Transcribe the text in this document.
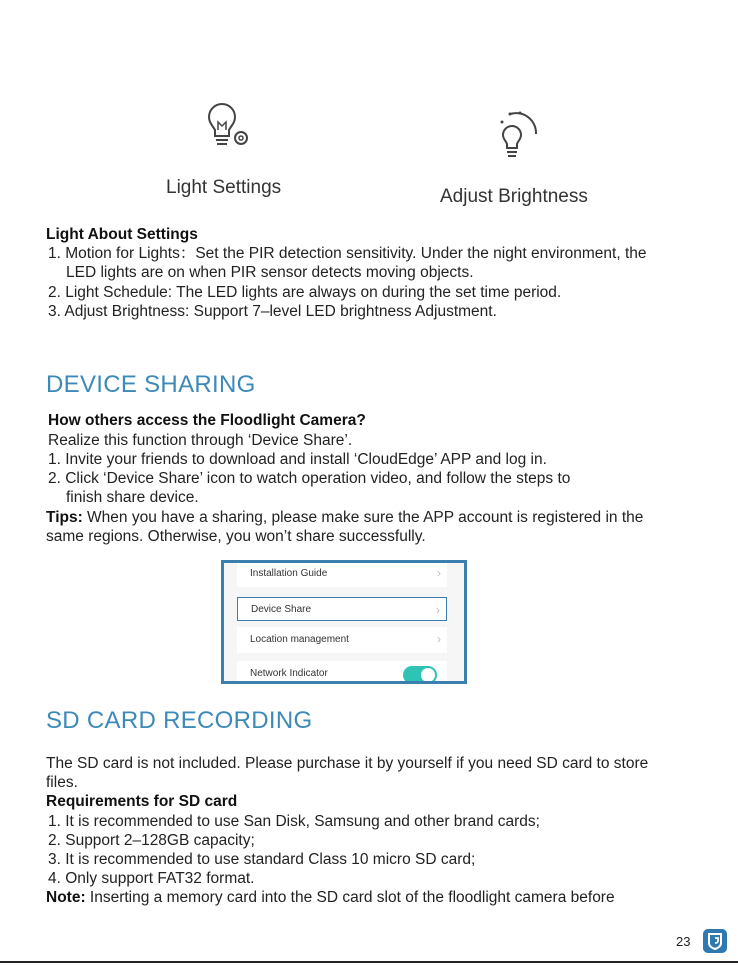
Light Settings	Adjust Brightness
Light About Settings
1. Motion for Lights：Set the PIR detection sensitivity. Under the night environment, the
LED lights are on when PIR sensor detects moving objects.
2. Light Schedule: The LED lights are always on during the set time period.
3. Adjust Brightness: Support 7–level LED brightness Adjustment.
DEVICE SHARING
How others access the Floodlight Camera?
Realize this function through ‘Device Share’.
1. Invite your friends to download and install ‘CloudEdge’ APP and log in.
2. Click ‘Device Share’ icon to watch operation video, and follow the steps to
finish share device.
Tips: When you have a sharing, please make sure the APP account is registered in the
same regions. Otherwise, you won’t share successfully.
Installation Guide	›
Device Share	›
Location management	›
Network Indicator
SD CARD RECORDING
The SD card is not included. Please purchase it by yourself if you need SD card to store
files.
Requirements for SD card
1. It is recommended to use San Disk, Samsung and other brand cards;
2. Support 2–128GB capacity;
3. It is recommended to use standard Class 10 micro SD card;
4. Only support FAT32 format.
Note: Inserting a memory card into the SD card slot of the floodlight camera before
23
